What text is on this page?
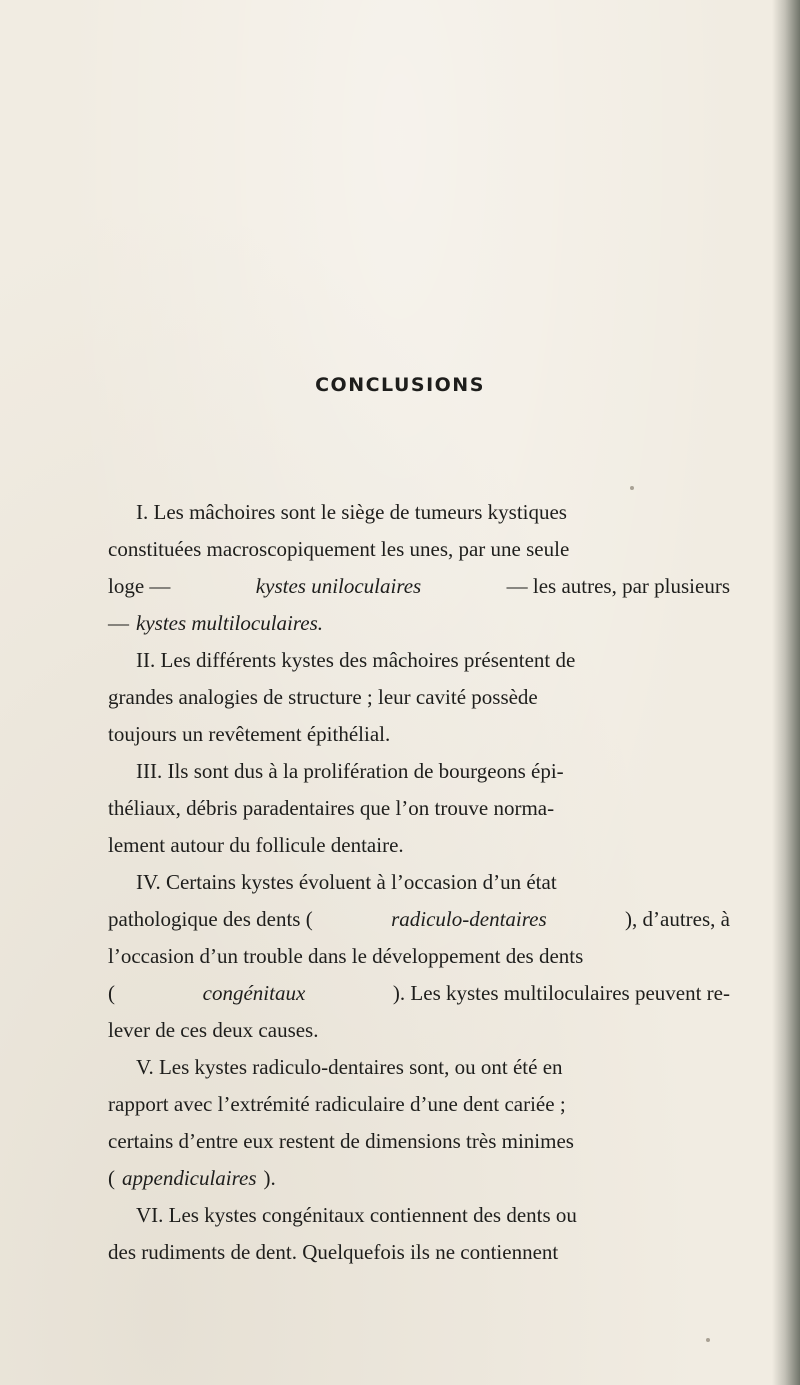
CONCLUSIONS
I. Les mâchoires sont le siège de tumeurs kystiques
constituées macroscopiquement les unes, par une seule
loge —	kystes uniloculaires	— les autres, par plusieurs
— kystes multiloculaires.
II. Les différents kystes des mâchoires présentent de
grandes analogies de structure ; leur cavité possède
toujours un revêtement épithélial.
III. Ils sont dus à la prolifération de bourgeons épi-
théliaux, débris paradentaires que l’on trouve norma-
lement autour du follicule dentaire.
IV. Certains kystes évoluent à l’occasion d’un état
pathologique des dents (	radiculo-dentaires	), d’autres, à
l’occasion d’un trouble dans le développement des dents
(	congénitaux	). Les kystes multiloculaires peuvent re-
lever de ces deux causes.
V. Les kystes radiculo-dentaires sont, ou ont été en
rapport avec l’extrémité radiculaire d’une dent cariée ;
certains d’entre eux restent de dimensions très minimes
( appendiculaires ).
VI. Les kystes congénitaux contiennent des dents ou
des rudiments de dent. Quelquefois ils ne contiennent
